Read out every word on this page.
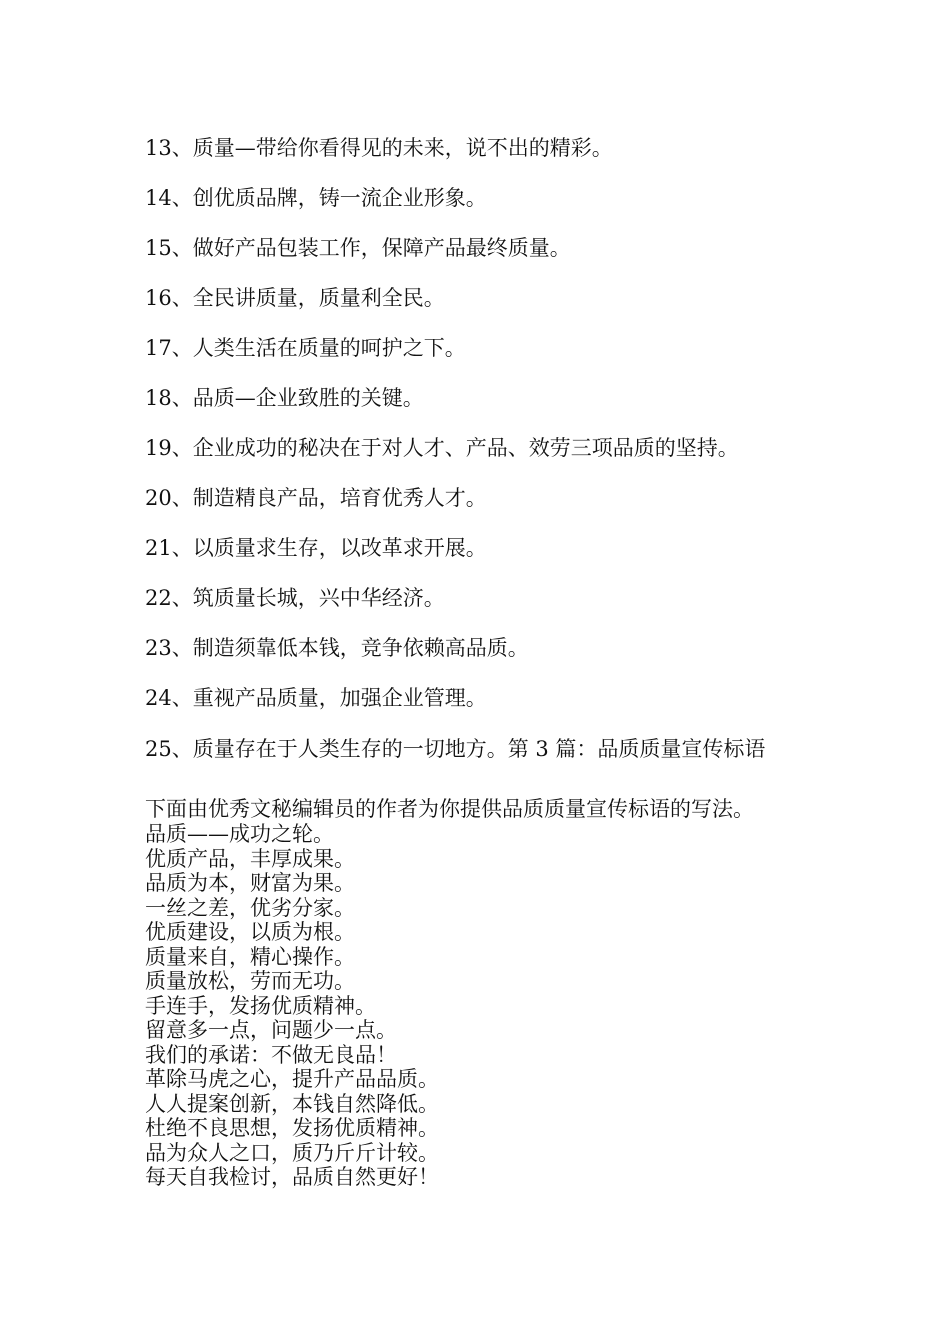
13、质量—带给你看得见的未来，说不出的精彩。
14、创优质品牌，铸一流企业形象。
15、做好产品包装工作，保障产品最终质量。
16、全民讲质量，质量利全民。
17、人类生活在质量的呵护之下。
18、品质—企业致胜的关键。
19、企业成功的秘决在于对人才、产品、效劳三项品质的坚持。
20、制造精良产品，培育优秀人才。
21、以质量求生存，以改革求开展。
22、筑质量长城，兴中华经济。
23、制造须靠低本钱，竞争依赖高品质。
24、重视产品质量，加强企业管理。
25、质量存在于人类生存的一切地方。第 3 篇：品质质量宣传标语

下面由优秀文秘编辑员的作者为你提供品质质量宣传标语的写法。

品质——成功之轮。
优质产品，丰厚成果。
品质为本，财富为果。
一丝之差，优劣分家。
优质建设，以质为根。
质量来自，精心操作。
质量放松，劳而无功。
手连手，发扬优质精神。
留意多一点，问题少一点。
我们的承诺：不做无良品！
革除马虎之心，提升产品品质。
人人提案创新，本钱自然降低。
杜绝不良思想，发扬优质精神。
品为众人之口，质乃斤斤计较。
每天自我检讨，品质自然更好！
